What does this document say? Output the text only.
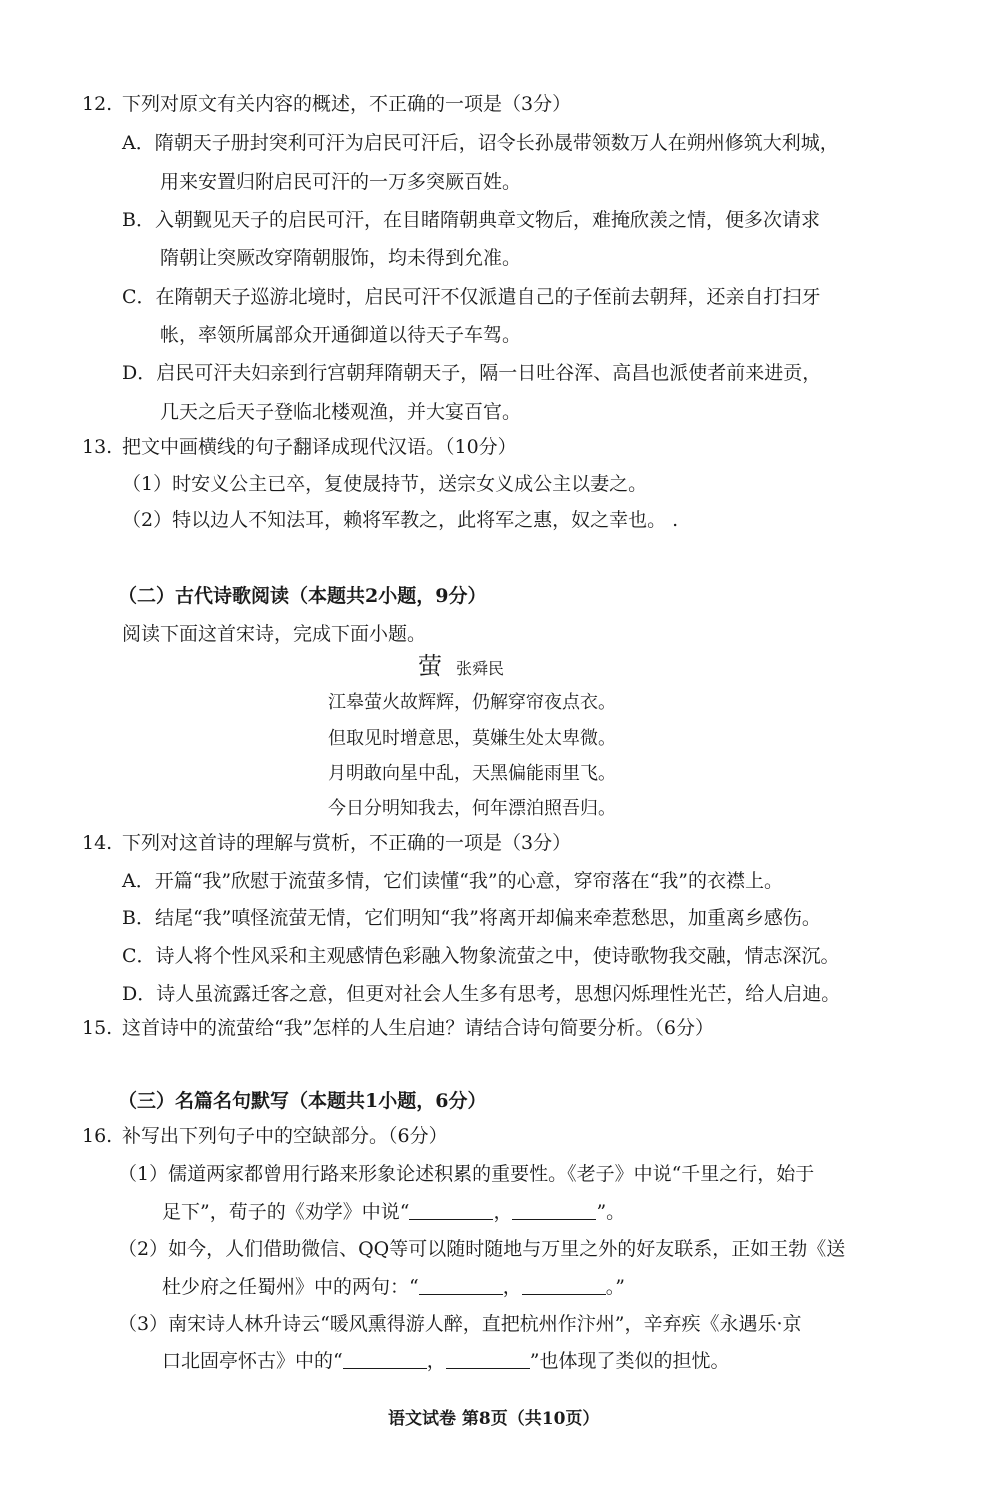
12. 下列对原文有关内容的概述，不正确的一项是（3分）
A．隋朝天子册封突利可汗为启民可汗后，诏令长孙晟带领数万人在朔州修筑大利城，
用来安置归附启民可汗的一万多突厥百姓。
B．入朝觐见天子的启民可汗，在目睹隋朝典章文物后，难掩欣羡之情，便多次请求
隋朝让突厥改穿隋朝服饰，均未得到允准。
C．在隋朝天子巡游北境时，启民可汗不仅派遣自己的子侄前去朝拜，还亲自打扫牙
帐，率领所属部众开通御道以待天子车驾。
D．启民可汗夫妇亲到行宫朝拜隋朝天子，隔一日吐谷浑、高昌也派使者前来进贡，
几天之后天子登临北楼观渔，并大宴百官。
13. 把文中画横线的句子翻译成现代汉语。（10分）
（1）时安义公主已卒，复使晟持节，送宗女义成公主以妻之。
（2）特以边人不知法耳，赖将军教之，此将军之惠，奴之幸也。 .
（二）古代诗歌阅读（本题共2小题，9分）
阅读下面这首宋诗，完成下面小题。
萤张舜民
江皋萤火故辉辉，仍解穿帘夜点衣。
但取见时增意思，莫嫌生处太卑微。
月明敢向星中乱，天黑偏能雨里飞。
今日分明知我去，何年漂泊照吾归。
14. 下列对这首诗的理解与赏析，不正确的一项是（3分）
A．开篇“我”欣慰于流萤多情，它们读懂“我”的心意，穿帘落在“我”的衣襟上。
B．结尾“我”嗔怪流萤无情，它们明知“我”将离开却偏来牵惹愁思，加重离乡感伤。
C．诗人将个性风采和主观感情色彩融入物象流萤之中，使诗歌物我交融，情志深沉。
D．诗人虽流露迁客之意，但更对社会人生多有思考，思想闪烁理性光芒，给人启迪。
15. 这首诗中的流萤给“我”怎样的人生启迪？请结合诗句简要分析。（6分）
（三）名篇名句默写（本题共1小题，6分）
16. 补写出下列句子中的空缺部分。（6分）
（1）儒道两家都曾用行路来形象论述积累的重要性。《老子》中说“千里之行，始于
足下”，荀子的《劝学》中说“	，	”。
（2）如今，人们借助微信、QQ等可以随时随地与万里之外的好友联系，正如王勃《送
杜少府之任蜀州》中的两句：“	，	。”
（3）南宋诗人林升诗云“暖风熏得游人醉，直把杭州作汴州”，辛弃疾《永遇乐·京
口北固亭怀古》中的“	，	”也体现了类似的担忧。
语文试卷 第8页（共10页）
